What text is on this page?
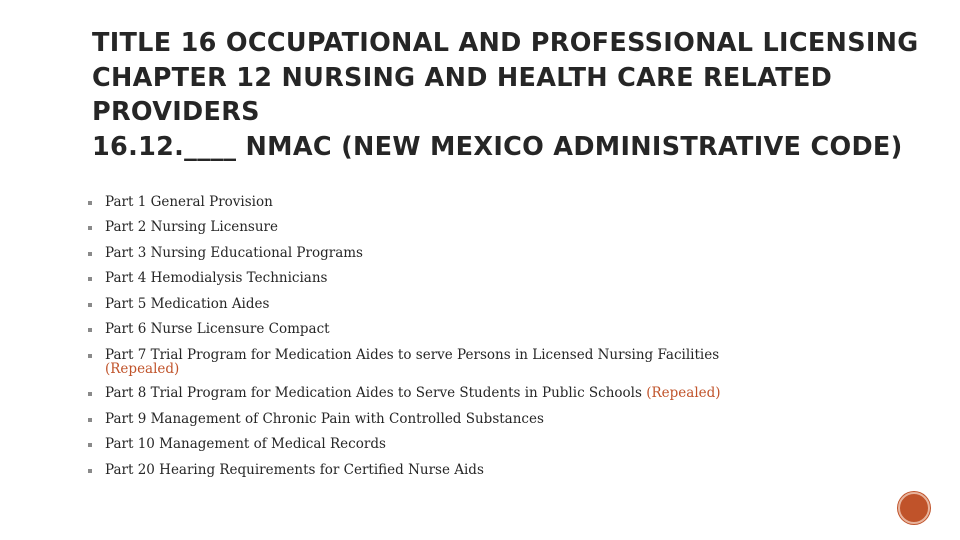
TITLE 16 OCCUPATIONAL AND PROFESSIONAL LICENSING
CHAPTER 12 NURSING AND HEALTH CARE RELATED
PROVIDERS
16.12.____ NMAC (NEW MEXICO ADMINISTRATIVE CODE)
Part 1 General Provision
Part 2 Nursing Licensure
Part 3 Nursing Educational Programs
Part 4 Hemodialysis Technicians
Part 5 Medication Aides
Part 6 Nurse Licensure Compact
Part 7 Trial Program for Medication Aides to serve Persons in Licensed Nursing Facilities
(Repealed)
Part 8 Trial Program for Medication Aides to Serve Students in Public Schools (Repealed)
Part 9 Management of Chronic Pain with Controlled Substances
Part 10 Management of Medical Records
Part 20 Hearing Requirements for Certified Nurse Aids
